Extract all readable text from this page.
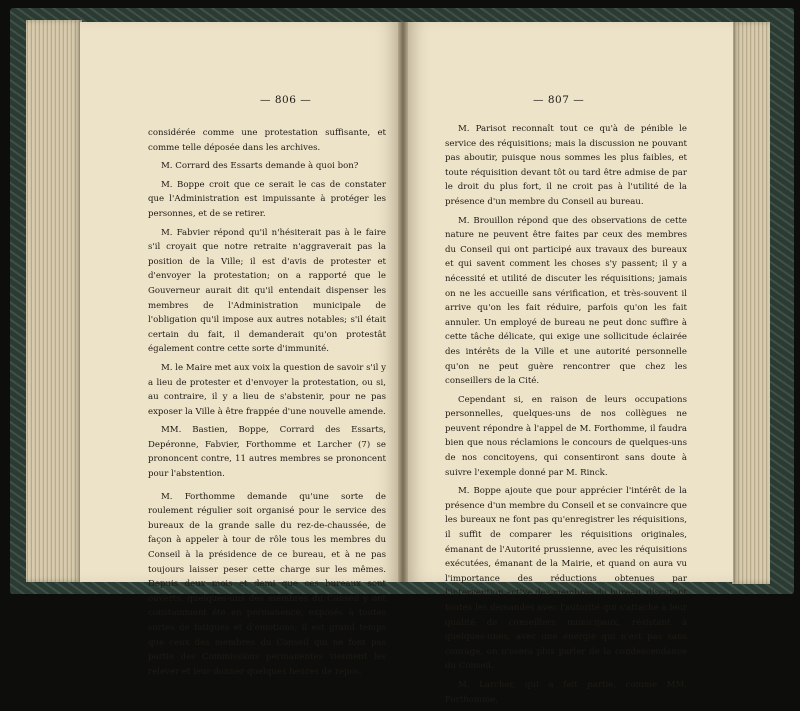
— 806 —

considérée comme une protestation suffisante, et comme telle déposée dans les archives.

M. Corrard des Essarts demande à quoi bon?

M. Boppe croit que ce serait le cas de constater que l'Administration est impuissante à protéger les personnes, et de se retirer.

M. Fabvier répond qu'il n'hésiterait pas à le faire s'il croyait que notre retraite n'aggraverait pas la position de la Ville; il est d'avis de protester et d'envoyer la protestation; on a rapporté que le Gouverneur aurait dit qu'il entendait dispenser les membres de l'Administration municipale de l'obligation qu'il impose aux autres notables; s'il était certain du fait, il demanderait qu'on protestât également contre cette sorte d'immunité.

M. le Maire met aux voix la question de savoir s'il y a lieu de protester et d'envoyer la protestation, ou si, au contraire, il y a lieu de s'abstenir, pour ne pas exposer la Ville à être frappée d'une nouvelle amende.

MM. Bastien, Boppe, Corrard des Essarts, Depéronne, Fabvier, Forthomme et Larcher (7) se prononcent contre, 11 autres membres se prononcent pour l'abstention.

M. Forthomme demande qu'une sorte de roulement régulier soit organisé pour le service des bureaux de la grande salle du rez-de-chaussée, de façon à appeler à tour de rôle tous les membres du Conseil à la présidence de ce bureau, et à ne pas toujours laisser peser cette charge sur les mêmes. Depuis deux mois et demi que ces bureaux sont ouverts, quelques-uns des membres du Conseil y ont constamment été en permanence, exposés à toutes sortes de fatigues et d'émotions; il est grand temps que ceux des membres du Conseil qui ne font pas partie des Commissions permanentes viennent les relever et leur donner quelques heures de repos.

— 807 —

M. Parisot reconnaît tout ce qu'à de pénible le service des réquisitions; mais la discussion ne pouvant pas aboutir, puisque nous sommes les plus faibles, et toute réquisition devant tôt ou tard être admise de par le droit du plus fort, il ne croit pas à l'utilité de la présence d'un membre du Conseil au bureau.

M. Brouillon répond que des observations de cette nature ne peuvent être faites par ceux des membres du Conseil qui ont participé aux travaux des bureaux et qui savent comment les choses s'y passent; il y a nécessité et utilité de discuter les réquisitions; jamais on ne les accueille sans vérification, et très-souvent il arrive qu'on les fait réduire, parfois qu'on les fait annuler. Un employé de bureau ne peut donc suffire à cette tâche délicate, qui exige une sollicitude éclairée des intérêts de la Ville et une autorité personnelle qu'on ne peut guère rencontrer que chez les conseillers de la Cité.

Cependant si, en raison de leurs occupations personnelles, quelques-uns de nos collègues ne peuvent répondre à l'appel de M. Forthomme, il faudra bien que nous réclamions le concours de quelques-uns de nos concitoyens, qui consentiront sans doute à suivre l'exemple donné par M. Rinck.

M. Boppe ajoute que pour apprécier l'intérêt de la présence d'un membre du Conseil et se convaincre que les bureaux ne font pas qu'enregistrer les réquisitions, il suffit de comparer les réquisitions originales, émanant de l'Autorité prussienne, avec les réquisitions exécutées, émanant de la Mairie, et quand on aura vu l'importance des réductions obtenues par l'intervention active des membres du bureau, discutant toutes les demandes avec l'autorité qui s'attache à leur qualité de conseillers municipaux, résistant à quelques-unes, avec une énergie qui n'est pas sans courage, on n'osera plus parler de la condescendance du Conseil.

M. Larcher, qui a fait partie, comme MM. Forthomme,
